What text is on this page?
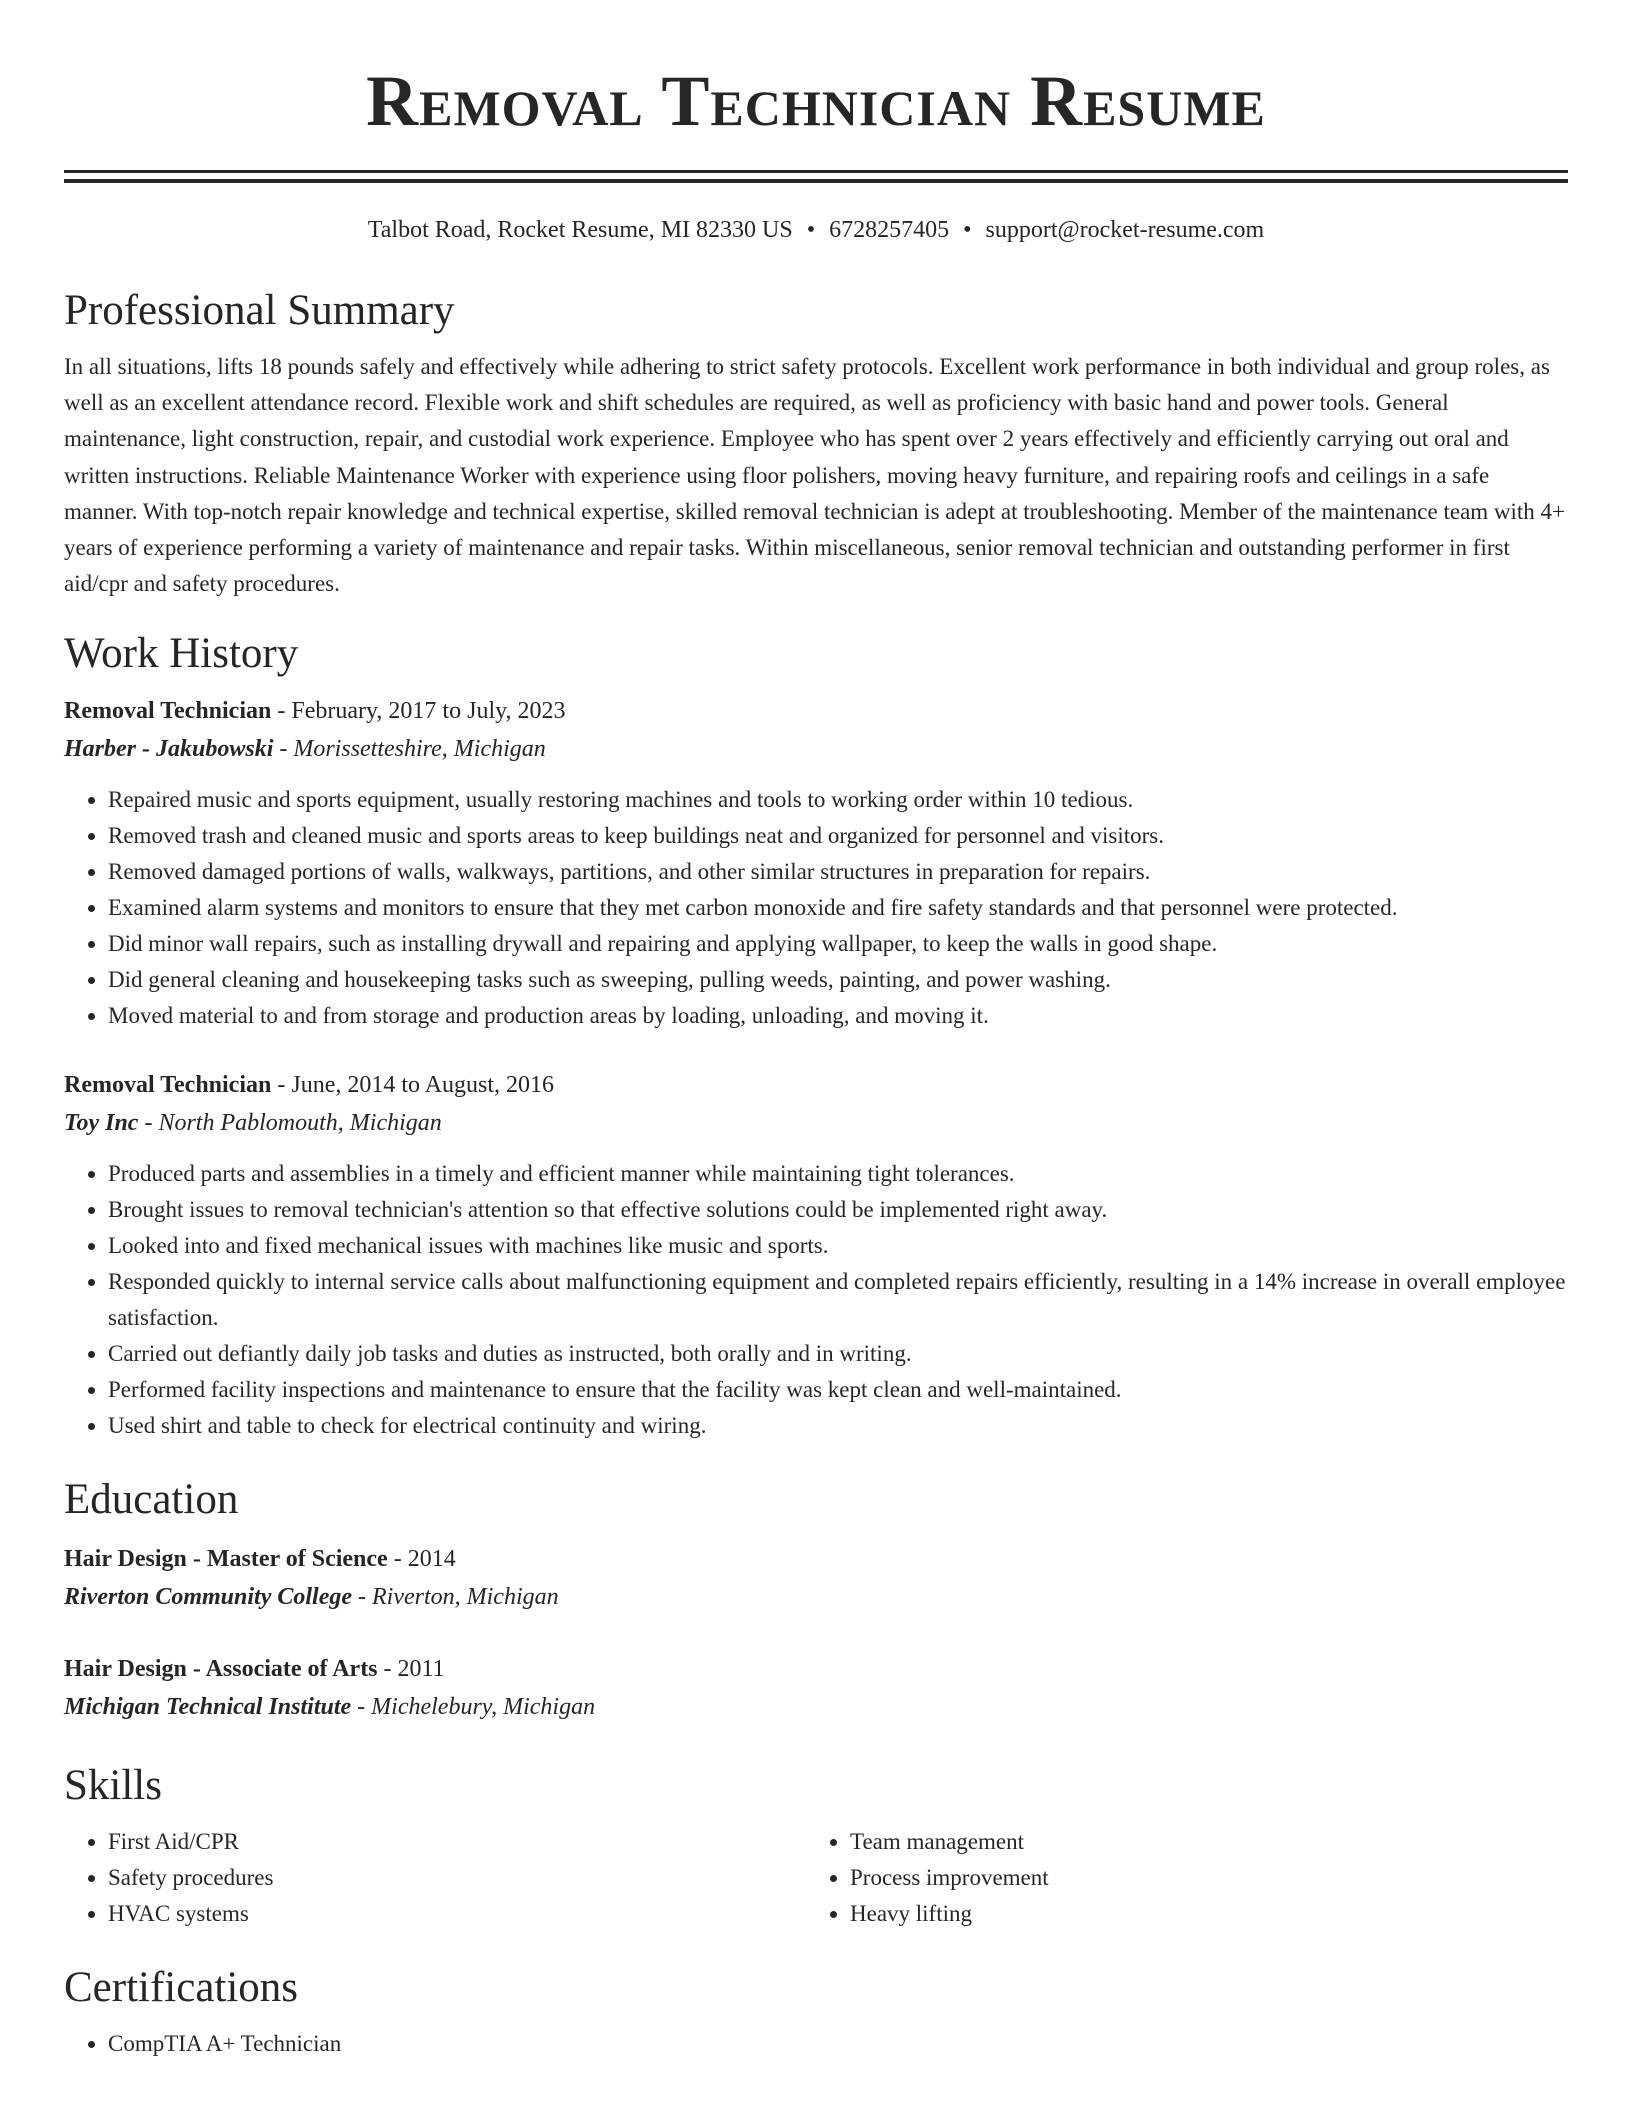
Removal Technician Resume
Talbot Road, Rocket Resume, MI 82330 US • 6728257405 • support@rocket-resume.com
Professional Summary

In all situations, lifts 18 pounds safely and effectively while adhering to strict safety protocols. Excellent work performance in both individual and group roles, as well as an excellent attendance record. Flexible work and shift schedules are required, as well as proficiency with basic hand and power tools. General maintenance, light construction, repair, and custodial work experience. Employee who has spent over 2 years effectively and efficiently carrying out oral and written instructions. Reliable Maintenance Worker with experience using floor polishers, moving heavy furniture, and repairing roofs and ceilings in a safe manner. With top-notch repair knowledge and technical expertise, skilled removal technician is adept at troubleshooting. Member of the maintenance team with 4+ years of experience performing a variety of maintenance and repair tasks. Within miscellaneous, senior removal technician and outstanding performer in first aid/cpr and safety procedures.

Work History
Removal Technician - February, 2017 to July, 2023
Harber - Jakubowski - Morissetteshire, Michigan
• Repaired music and sports equipment, usually restoring machines and tools to working order within 10 tedious.
• Removed trash and cleaned music and sports areas to keep buildings neat and organized for personnel and visitors.
• Removed damaged portions of walls, walkways, partitions, and other similar structures in preparation for repairs.
• Examined alarm systems and monitors to ensure that they met carbon monoxide and fire safety standards and that personnel were protected.
• Did minor wall repairs, such as installing drywall and repairing and applying wallpaper, to keep the walls in good shape.
• Did general cleaning and housekeeping tasks such as sweeping, pulling weeds, painting, and power washing.
• Moved material to and from storage and production areas by loading, unloading, and moving it.
Removal Technician - June, 2014 to August, 2016
Toy Inc - North Pablomouth, Michigan
• Produced parts and assemblies in a timely and efficient manner while maintaining tight tolerances.
• Brought issues to removal technician's attention so that effective solutions could be implemented right away.
• Looked into and fixed mechanical issues with machines like music and sports.
• Responded quickly to internal service calls about malfunctioning equipment and completed repairs efficiently, resulting in a 14% increase in overall employee satisfaction.
• Carried out defiantly daily job tasks and duties as instructed, both orally and in writing.
• Performed facility inspections and maintenance to ensure that the facility was kept clean and well-maintained.
• Used shirt and table to check for electrical continuity and wiring.
Education
Hair Design - Master of Science - 2014
Riverton Community College - Riverton, Michigan
Hair Design - Associate of Arts - 2011
Michigan Technical Institute - Michelebury, Michigan
Skills
• First Aid/CPR
• Safety procedures
• HVAC systems
• Team management
• Process improvement
• Heavy lifting
Certifications
• CompTIA A+ Technician
